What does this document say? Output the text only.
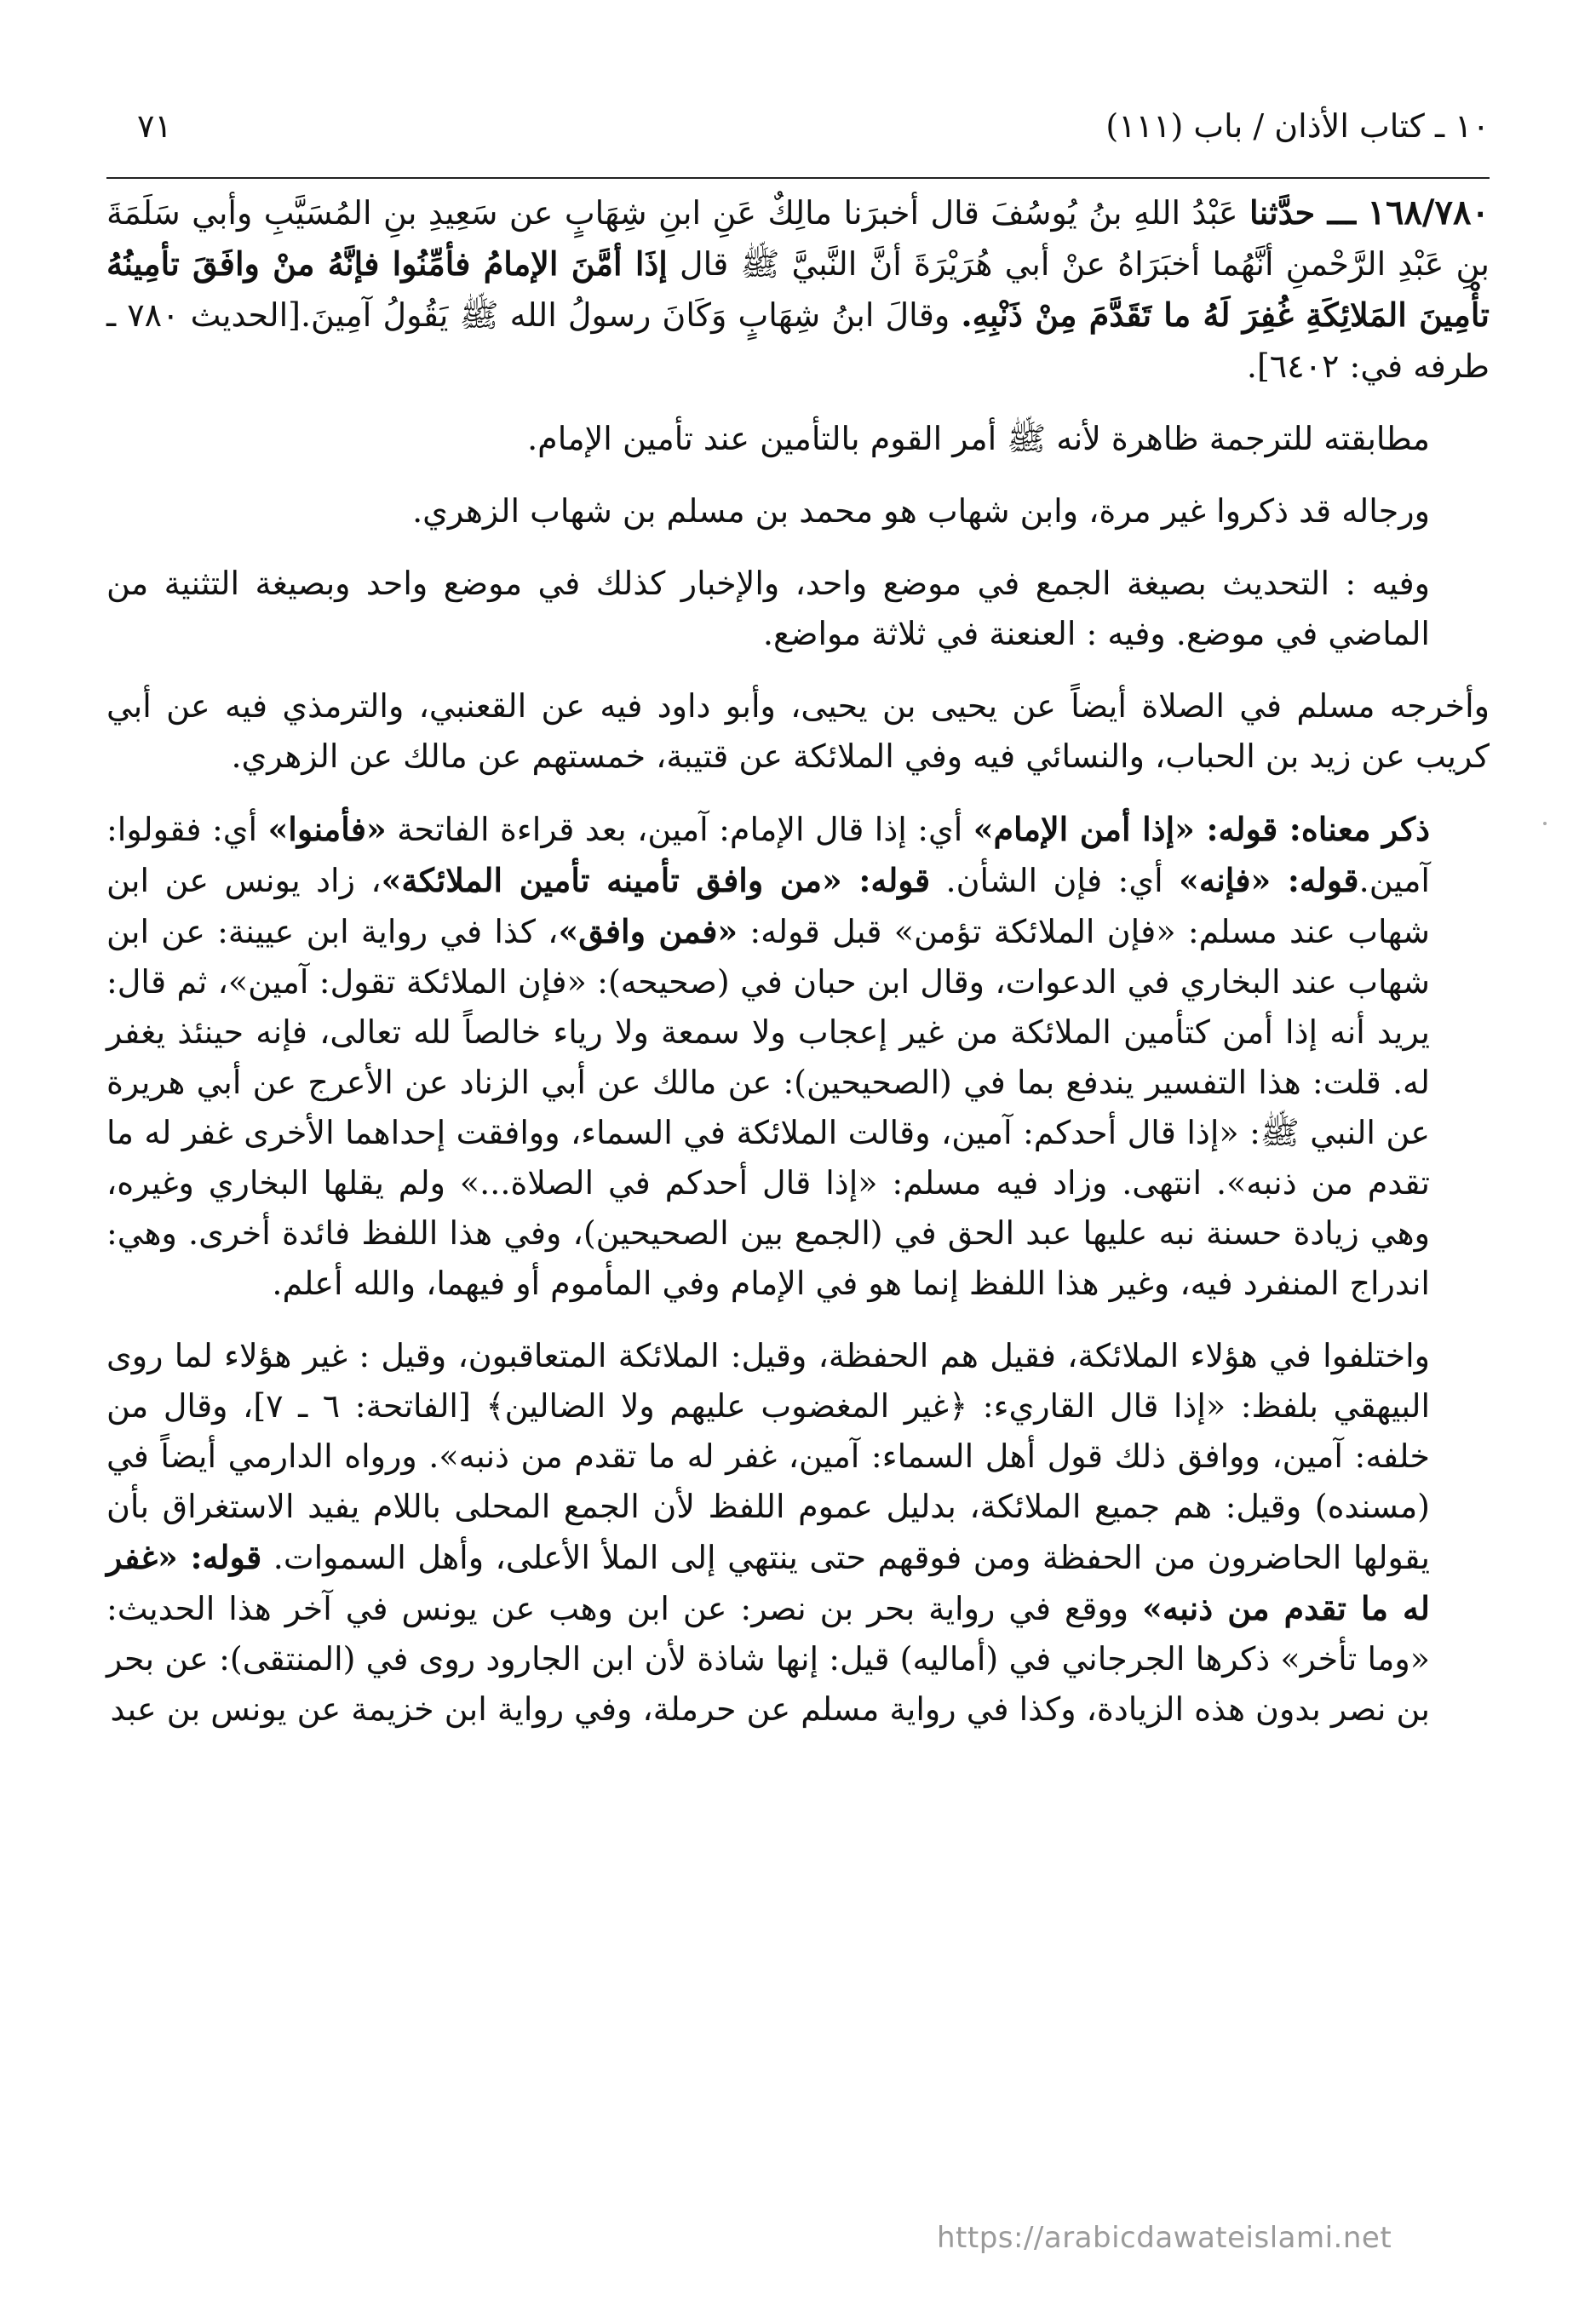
١٠ ـ كتاب الأذان / باب (١١١)
٧١

١٦٨/٧٨٠ ـــ حدَّثنا عَبْدُ اللهِ بنُ يُوسُفَ قال أخبرَنا مالِكٌ عَنِ ابنِ شِهَابٍ عن سَعِيدِ بنِ المُسَيَّبِ وأبي سَلَمَةَ بنِ عَبْدِ الرَّحْمنِ أنَّهُما أخبَرَاهُ عنْ أبي هُرَيْرَةَ أنَّ النَّبيَّ ﷺ قال إذَا أمَّنَ الإمامُ فأمِّنُوا فإنَّهُ منْ وافَقَ تأمِينُهُ تأْمِينَ المَلائِكَةِ غُفِرَ لَهُ ما تَقَدَّمَ مِنْ ذَنْبِهِ. وقالَ ابنُ شِهَابٍ وَكَانَ رسولُ الله ﷺ يَقُولُ آمِينَ.[الحديث ٧٨٠ ـ طرفه في: ٦٤٠٢].

مطابقته للترجمة ظاهرة لأنه ﷺ أمر القوم بالتأمين عند تأمين الإمام.

ورجاله قد ذكروا غير مرة، وابن شهاب هو محمد بن مسلم بن شهاب الزهري.

وفيه : التحديث بصيغة الجمع في موضع واحد، والإخبار كذلك في موضع واحد وبصيغة التثنية من الماضي في موضع. وفيه : العنعنة في ثلاثة مواضع.

وأخرجه مسلم في الصلاة أيضاً عن يحيى بن يحيى، وأبو داود فيه عن القعنبي، والترمذي فيه عن أبي كريب عن زيد بن الحباب، والنسائي فيه وفي الملائكة عن قتيبة، خمستهم عن مالك عن الزهري.

ذكر معناه: قوله: «إذا أمن الإمام» أي: إذا قال الإمام: آمين، بعد قراءة الفاتحة «فأمنوا» أي: فقولوا: آمين.قوله: «فإنه» أي: فإن الشأن. قوله: «من وافق تأمينه تأمين الملائكة»، زاد يونس عن ابن شهاب عند مسلم: «فإن الملائكة تؤمن» قبل قوله: «فمن وافق»، كذا في رواية ابن عيينة: عن ابن شهاب عند البخاري في الدعوات، وقال ابن حبان في (صحيحه): «فإن الملائكة تقول: آمين»، ثم قال: يريد أنه إذا أمن كتأمين الملائكة من غير إعجاب ولا سمعة ولا رياء خالصاً لله تعالى، فإنه حينئذ يغفر له. قلت: هذا التفسير يندفع بما في (الصحيحين): عن مالك عن أبي الزناد عن الأعرج عن أبي هريرة عن النبي ﷺ: «إذا قال أحدكم: آمين، وقالت الملائكة في السماء، ووافقت إحداهما الأخرى غفر له ما تقدم من ذنبه». انتهى. وزاد فيه مسلم: «إذا قال أحدكم في الصلاة...» ولم يقلها البخاري وغيره، وهي زيادة حسنة نبه عليها عبد الحق في (الجمع بين الصحيحين)، وفي هذا اللفظ فائدة أخرى. وهي: اندراج المنفرد فيه، وغير هذا اللفظ إنما هو في الإمام وفي المأموم أو فيهما، والله أعلم.

واختلفوا في هؤلاء الملائكة، فقيل هم الحفظة، وقيل: الملائكة المتعاقبون، وقيل : غير هؤلاء لما روى البيهقي بلفظ: «إذا قال القاريء: ﴿غير المغضوب عليهم ولا الضالين﴾ [الفاتحة: ٦ ـ ٧]، وقال من خلفه: آمين، ووافق ذلك قول أهل السماء: آمين، غفر له ما تقدم من ذنبه». ورواه الدارمي أيضاً في (مسنده) وقيل: هم جميع الملائكة، بدليل عموم اللفظ لأن الجمع المحلى باللام يفيد الاستغراق بأن يقولها الحاضرون من الحفظة ومن فوقهم حتى ينتهي إلى الملأ الأعلى، وأهل السموات. قوله: «غفر له ما تقدم من ذنبه» ووقع في رواية بحر بن نصر: عن ابن وهب عن يونس في آخر هذا الحديث: «وما تأخر» ذكرها الجرجاني في (أماليه) قيل: إنها شاذة لأن ابن الجارود روى في (المنتقى): عن بحر بن نصر بدون هذه الزيادة، وكذا في رواية مسلم عن حرملة، وفي رواية ابن خزيمة عن يونس بن عبد

https://arabicdawateislami.net
